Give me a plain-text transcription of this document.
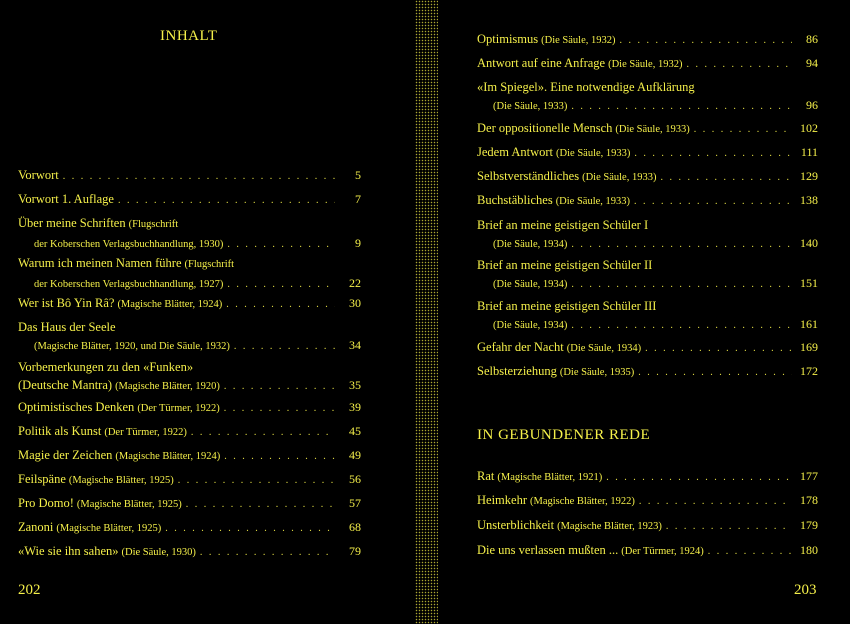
INHALT
202
Vorwort . . .	5
Vorwort 1. Auflage . . .	7
Über meine Schriften (Flugschrift
der Koberschen Verlagsbuchhandlung, 1930) . . .	9
Warum ich meinen Namen führe (Flugschrift
der Koberschen Verlagsbuchhandlung, 1927) . . .	22
Wer ist Bô Yin Râ? (Magische Blätter, 1924) . . .	30
Das Haus der Seele
(Magische Blätter, 1920, und Die Säule, 1932) . . .	34
Vorbemerkungen zu den «Funken»
(Deutsche Mantra) (Magische Blätter, 1920) . . .	35
Optimistisches Denken (Der Türmer, 1922) . . .	39
Politik als Kunst (Der Türmer, 1922) . . .	45
Magie der Zeichen (Magische Blätter, 1924) . . .	49
Feilspäne (Magische Blätter, 1925) . . .	56
Pro Domo! (Magische Blätter, 1925) . . .	57
Zanoni (Magische Blätter, 1925) . . .	68
«Wie sie ihn sahen» (Die Säule, 1930) . . .	79
IN GEBUNDENER REDE
203
Optimismus (Die Säule, 1932) . . .	86
Antwort auf eine Anfrage (Die Säule, 1932) . . .	94
«Im Spiegel». Eine notwendige Aufklärung
(Die Säule, 1933) . . .	96
Der oppositionelle Mensch (Die Säule, 1933) . . .	102
Jedem Antwort (Die Säule, 1933) . . .	111
Selbstverständliches (Die Säule, 1933) . . .	129
Buchstäbliches (Die Säule, 1933) . . .	138
Brief an meine geistigen Schüler I
(Die Säule, 1934) . . .	140
Brief an meine geistigen Schüler II
(Die Säule, 1934) . . .	151
Brief an meine geistigen Schüler III
(Die Säule, 1934) . . .	161
Gefahr der Nacht (Die Säule, 1934) . . .	169
Selbsterziehung (Die Säule, 1935) . . .	172
Rat (Magische Blätter, 1921) . . .	177
Heimkehr (Magische Blätter, 1922) . . .	178
Unsterblichkeit (Magische Blätter, 1923) . . .	179
Die uns verlassen mußten ... (Der Türmer, 1924) . . .	180
